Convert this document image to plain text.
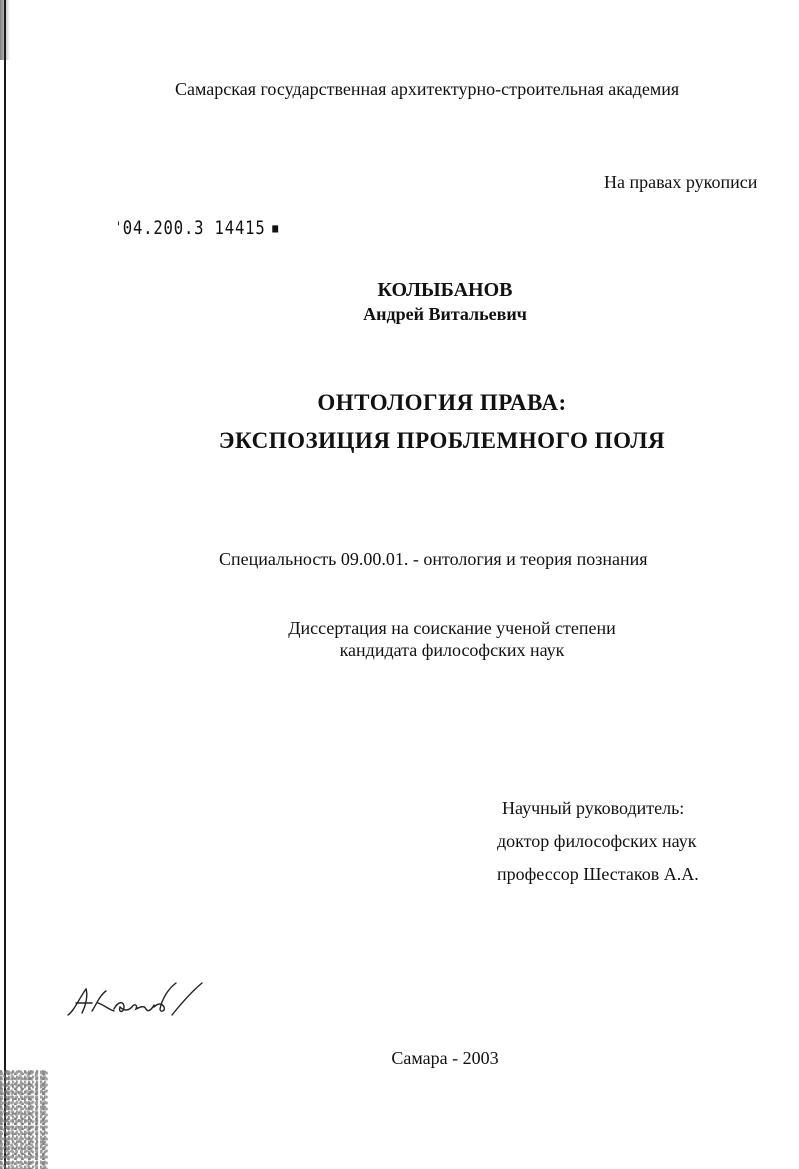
Самарская государственная архитектурно-строительная академия
На правах рукописи
'04.200.3 14415 ■
КОЛЫБАНОВ
Андрей Витальевич
ОНТОЛОГИЯ ПРАВА:
ЭКСПОЗИЦИЯ ПРОБЛЕМНОГО ПОЛЯ
Специальность 09.00.01. - онтология и теория познания
Диссертация на соискание ученой степени
кандидата философских наук
Научный руководитель:
доктор философских наук
профессор Шестаков А.А.
Самара - 2003
